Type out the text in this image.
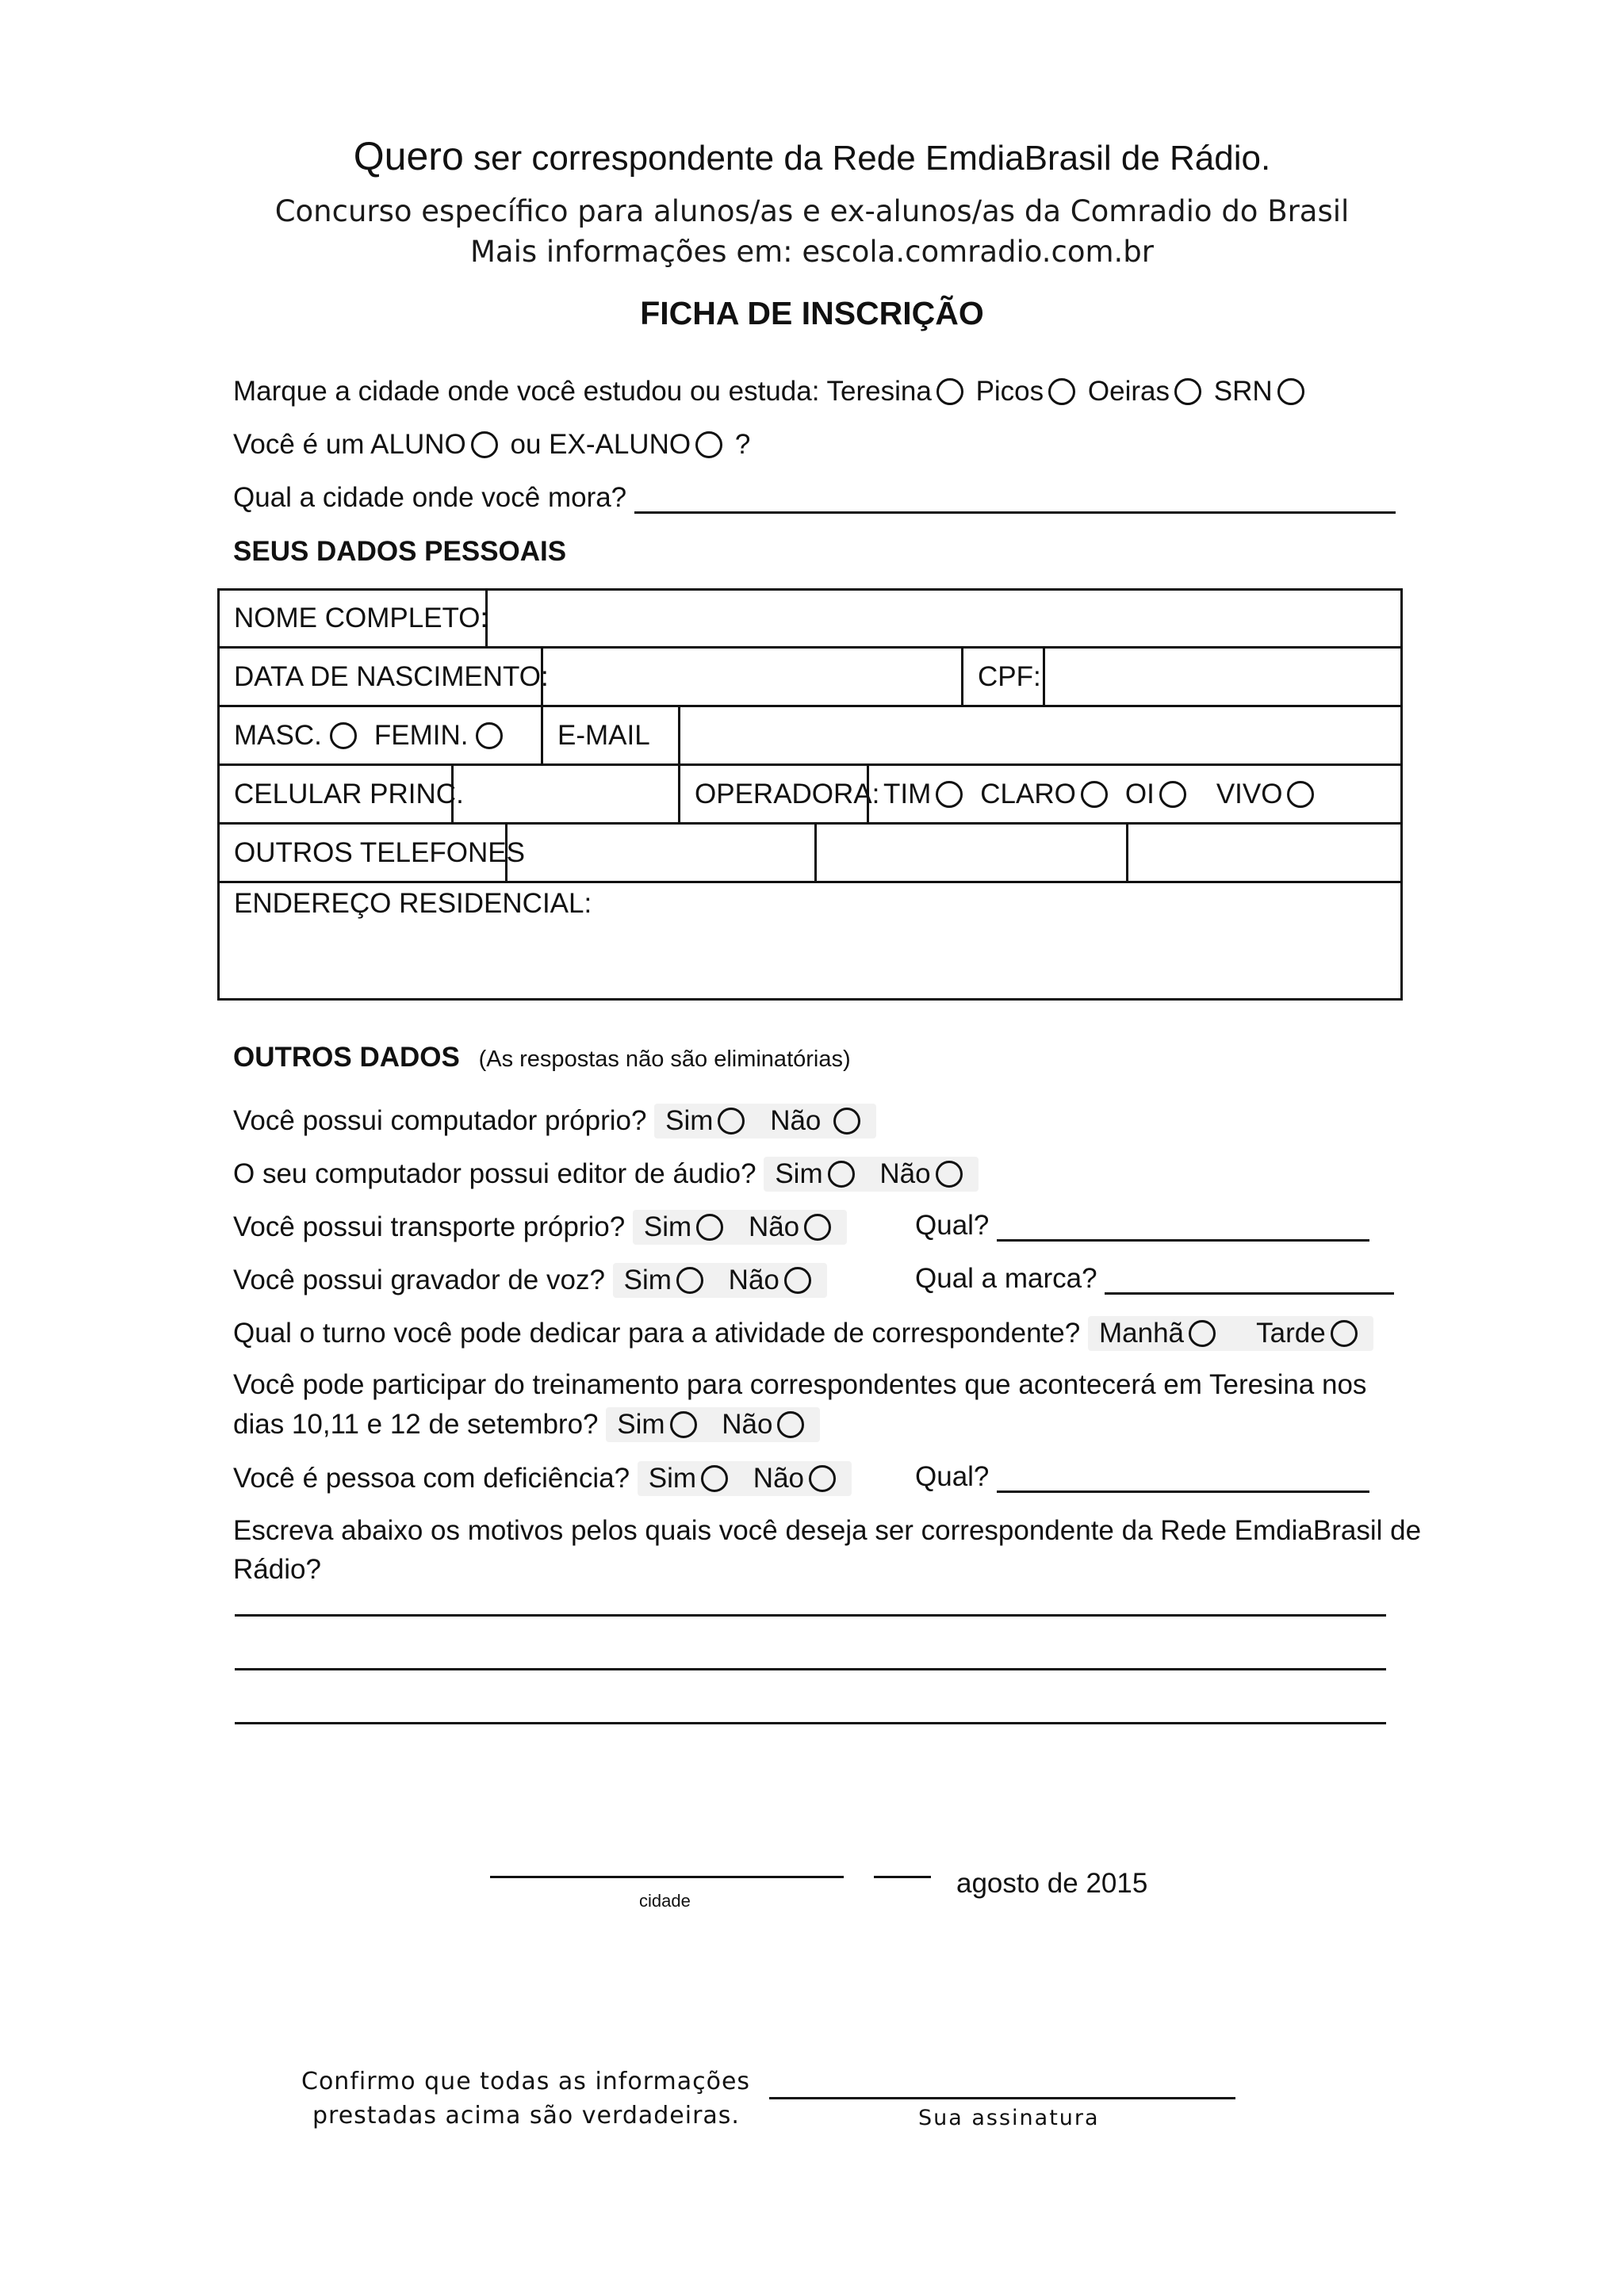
Quero ser correspondente da Rede EmdiaBrasil de Rádio.
Concurso específico para alunos/as e ex-alunos/as da Comradio do Brasil
Mais informações em: escola.comradio.com.br
FICHA DE INSCRIÇÃO
Marque a cidade onde você estudou ou estuda: Teresina Picos Oeiras SRN
Você é um ALUNO ou EX-ALUNO ?
Qual a cidade onde você mora?
SEUS DADOS PESSOAIS
NOME COMPLETO:
DATA DE NASCIMENTO:	CPF:
MASC. FEMIN.	E-MAIL
CELULAR PRINC.	OPERADORA: TIM CLARO OI VIVO
OUTROS TELEFONES
ENDEREÇO RESIDENCIAL:
OUTROS DADOS (As respostas não são eliminatórias)
Você possui computador próprio? Sim Não
O seu computador possui editor de áudio? Sim Não
Você possui transporte próprio? Sim Não	Qual?
Você possui gravador de voz? Sim Não	Qual a marca?
Qual o turno você pode dedicar para a atividade de correspondente? Manhã	Tarde
Você pode participar do treinamento para correspondentes que acontecerá em Teresina nos
dias 10,11 e 12 de setembro? Sim Não
Você é pessoa com deficiência? Sim Não	Qual?
Escreva abaixo os motivos pelos quais você deseja ser correspondente da Rede EmdiaBrasil de
Rádio?
cidade
agosto de 2015
Confirmo que todas as informações
prestadas acima são verdadeiras.	Sua assinatura
